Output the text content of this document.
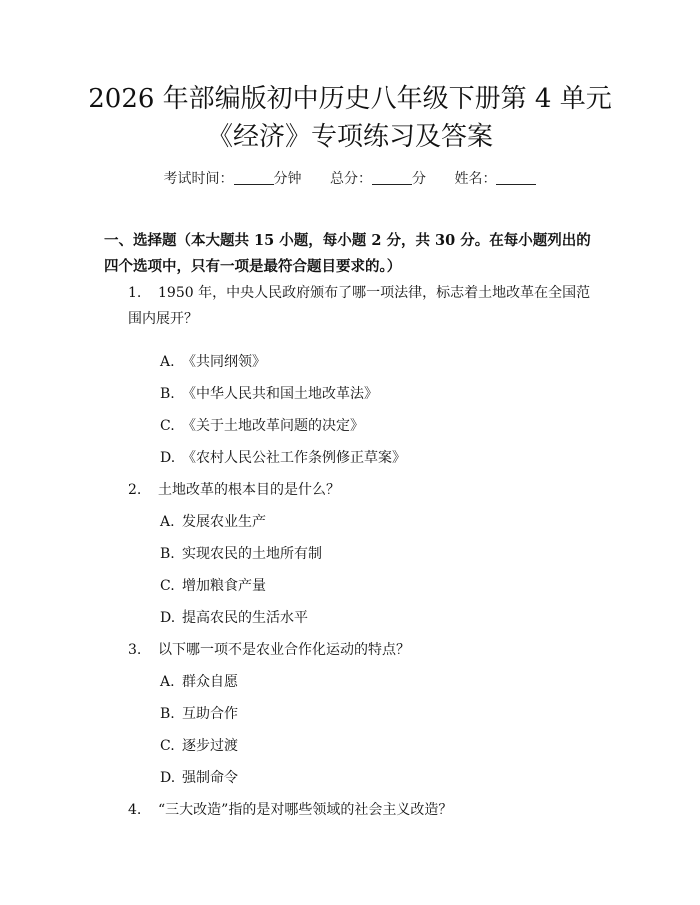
2026 年部编版初中历史八年级下册第 4 单元
《经济》专项练习及答案
考试时间：	分钟 总分：	分 姓名：
一、选择题（本大题共 15 小题，每小题 2 分，共 30 分。在每小题列出的四个选项中，只有一项是最符合题目要求的。）
1. 1950 年，中央人民政府颁布了哪一项法律，标志着土地改革在全国范围内展开？
A. 《共同纲领》
B. 《中华人民共和国土地改革法》
C. 《关于土地改革问题的决定》
D. 《农村人民公社工作条例修正草案》
2. 土地改革的根本目的是什么？
A. 发展农业生产
B. 实现农民的土地所有制
C. 增加粮食产量
D. 提高农民的生活水平
3. 以下哪一项不是农业合作化运动的特点？
A. 群众自愿
B. 互助合作
C. 逐步过渡
D. 强制命令
4. “三大改造”指的是对哪些领域的社会主义改造？
